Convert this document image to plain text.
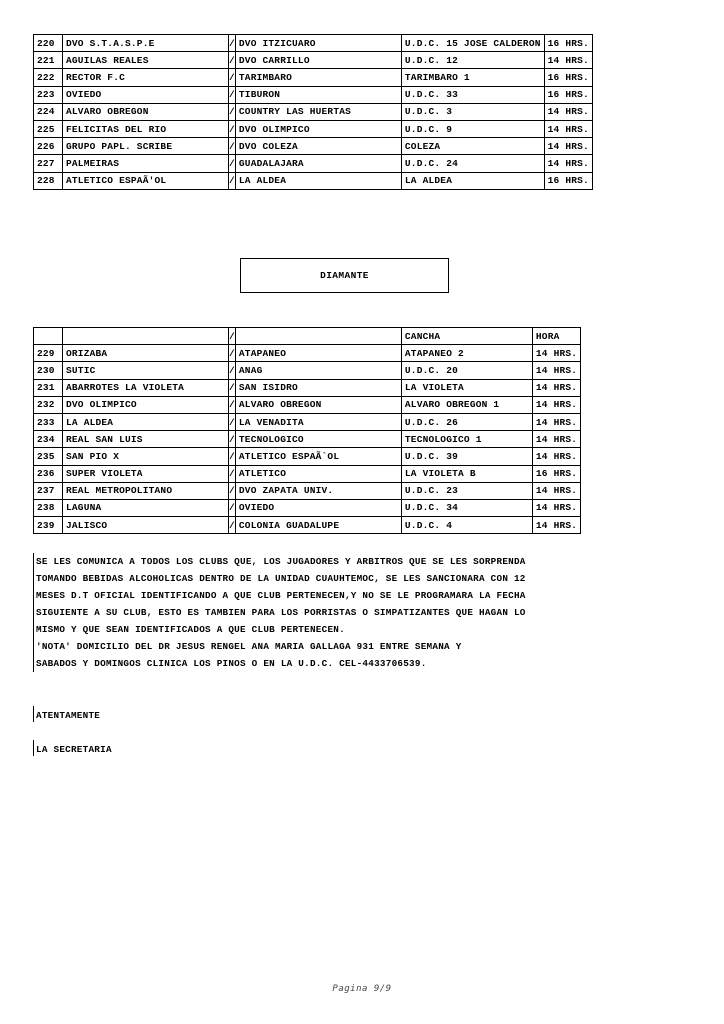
220	DVO S.T.A.S.P.E	/	DVO ITZICUARO	U.D.C. 15 JOSE CALDERON	16 HRS.
221	AGUILAS REALES	/	DVO CARRILLO	U.D.C. 12	14 HRS.
222	RECTOR F.C	/	TARIMBARO	TARIMBARO 1	16 HRS.
223	OVIEDO	/	TIBURON	U.D.C. 33	16 HRS.
224	ALVARO OBREGON	/	COUNTRY LAS HUERTAS	U.D.C. 3	14 HRS.
225	FELICITAS DEL RIO	/	DVO OLIMPICO	U.D.C. 9	14 HRS.
226	GRUPO PAPL. SCRIBE	/	DVO COLEZA	COLEZA	14 HRS.
227	PALMEIRAS	/	GUADALAJARA	U.D.C. 24	14 HRS.
228	ATLETICO ESPAÃ'OL	/	LA ALDEA	LA ALDEA	16 HRS.
DIAMANTE
		/		CANCHA	HORA
229	ORIZABA	/	ATAPANEO	ATAPANEO 2	14 HRS.
230	SUTIC	/	ANAG	U.D.C. 20	14 HRS.
231	ABARROTES LA VIOLETA	/	SAN ISIDRO	LA VIOLETA	14 HRS.
232	DVO OLIMPICO	/	ALVARO OBREGON	ALVARO OBREGON 1	14 HRS.
233	LA ALDEA	/	LA VENADITA	U.D.C. 26	14 HRS.
234	REAL SAN LUIS	/	TECNOLOGICO	TECNOLOGICO 1	14 HRS.
235	SAN PIO X	/	ATLETICO ESPAÃ`OL	U.D.C. 39	14 HRS.
236	SUPER VIOLETA	/	ATLETICO	LA VIOLETA B	16 HRS.
237	REAL METROPOLITANO	/	DVO ZAPATA UNIV.	U.D.C. 23	14 HRS.
238	LAGUNA	/	OVIEDO	U.D.C. 34	14 HRS.
239	JALISCO	/	COLONIA GUADALUPE	U.D.C. 4	14 HRS.
SE LES COMUNICA A TODOS LOS CLUBS QUE, LOS JUGADORES Y ARBITROS QUE SE LES SORPRENDA
TOMANDO BEBIDAS ALCOHOLICAS DENTRO DE LA UNIDAD CUAUHTEMOC, SE LES SANCIONARA CON 12
MESES D.T OFICIAL IDENTIFICANDO A QUE CLUB PERTENECEN,Y NO SE LE PROGRAMARA LA FECHA
SIGUIENTE A SU CLUB, ESTO ES TAMBIEN PARA LOS PORRISTAS O SIMPATIZANTES QUE HAGAN LO
MISMO Y QUE SEAN IDENTIFICADOS A QUE CLUB PERTENECEN.
'NOTA' DOMICILIO DEL DR JESUS RENGEL ANA MARIA GALLAGA 931 ENTRE SEMANA Y
SABADOS Y DOMINGOS CLINICA LOS PINOS O EN LA U.D.C. CEL-4433706539.
ATENTAMENTE
LA SECRETARIA
Pagina 9/9
